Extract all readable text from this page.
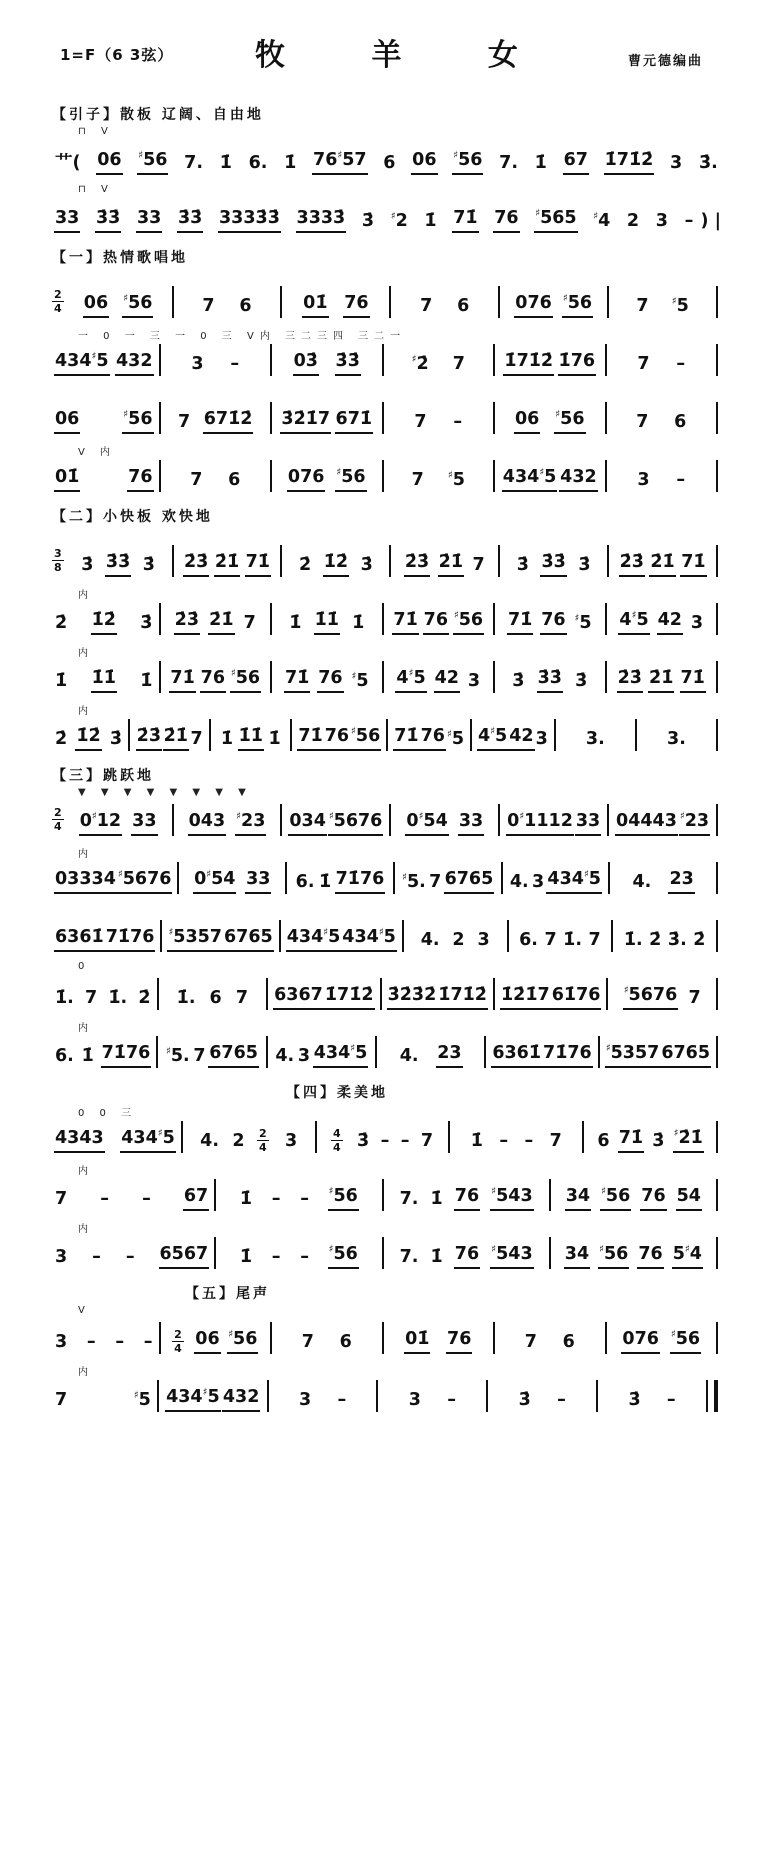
1=F（6 3弦）	牧 羊 女	曹元德编曲
【引子】散板 辽阔、自由地
⊓ V
艹( 06 ♯56 7. 1̇ 6. 1̇ 76♯57 6 06 ♯56 7. 1̇ 67 1̇71̇2̇ 3 3̇.
⊓ V
33 3̇3̇ 33 3̇3̇ 3333̇3̇ 3333̇ 3̇ ♯2 1̇ 71̇ 76 ♯565 ♯4 2 3 – ) |
【一】热情歌唱地
2
4 06 ♯56	7 6	01̇ 76	7 6	076 ♯56	7 ♯5
一 0 一 三 一 0 三 V内 三二三四 三二一
434♯5 432 3 –	03̇ 3̇3̇	♯2̇ 7 1̇71̇2̇ 1̇76 7 –
06	♯56 7 671̇2̇ 3̇2̇1̇7 671̇ 7 –	06 ♯56	7 6
V 内
01̇	76 7 6	076 ♯56	7 ♯5 434♯5 432 3 –
【二】小快板 欢快地
3
8 3̇ 3̇3̇ 3̇ 2̇3̇ 2̇1̇ 71̇ 2̇ 1̇2̇ 3̇ 2̇3̇ 2̇1̇ 7 3̇ 3̇3̇ 3̇ 2̇3̇ 2̇1̇ 71̇
内
2̇ 1̇2̇ 3̇ 2̇3̇ 2̇1̇ 7 1̇ 1̇1̇ 1̇ 71̇ 76 ♯56 71̇ 76 ♯5 4♯5 42 3
内
1̇ 1̇1̇ 1̇ 71̇ 76 ♯56 71̇ 76 ♯5 4♯5 42 3 3̇ 3̇3̇ 3̇ 2̇3̇ 2̇1̇ 71̇
内
2̇ 1̇2̇ 3̇ 2̇3̇ 2̇1̇ 7 1̇ 1̇1̇ 1̇ 71̇ 76 ♯56 71̇ 76 ♯5 4♯5 42 3 3.	3.
【三】跳跃地
▼ ▼ ▼ ▼ ▼ ▼ ▼ ▼
2
4 0♯12 33 043 ♯23 034 ♯5676 0♯54 33 0♯1112 33 04443 ♯23
内
03334 ♯5676 0♯54 33 6. 1̇ 71̇76 ♯5. 7 6765 4. 3 434♯5 4. 23
6361̇ 71̇76 ♯5357 6765 434♯5 434♯5 4. 2 3 6. 7 1̇. 7 1̇. 2̇ 3̇. 2̇
0
1̇. 7 1̇. 2̇ 1̇. 6 7 6367 1̇71̇2̇ 3̇2̇3̇2̇ 1̇71̇2̇ 1̇2̇1̇7 61̇76 ♯5676 7
内
6. 1̇ 71̇76 ♯5. 7 6765 4. 3 434♯5 4. 23 6361̇ 71̇76 ♯5357 6765
【四】柔美地
0 0 三
4343 434♯5 4. 2 2
4 3	4
4 3̇ – – 7 1̇ – – 7 6 71̇ 3̇ ♯2̇1̇
内
7 – – 67 1̇ – – ♯56 7. 1̇ 76 ♯543 34 ♯56 76 54
内
3 – – 6567 1̇ – – ♯56 7. 1̇ 76 ♯543 34 ♯56 76 5♯4
【五】尾声
V
3 – – – 2
4 06 ♯56	7 6	01̇ 76	7 6	076 ♯56
内
7	♯5 434♯5 432 3 –	3 –	3̇ –	3̇ –
